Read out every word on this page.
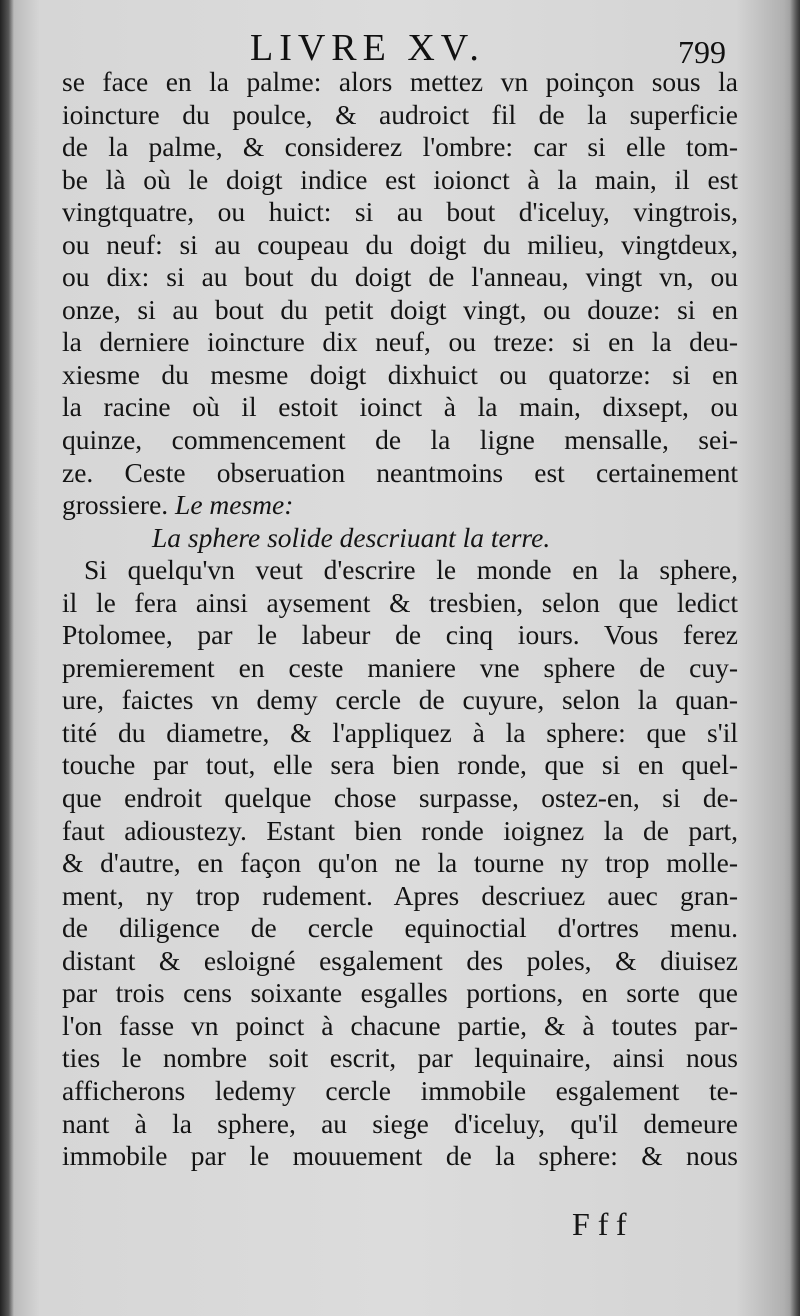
LIVRE XV.	799
se face en la palme: alors mettez vn poinçon sous la
ioincture du poulce, & audroict fil de la superficie
de la palme, & considerez l'ombre: car si elle tom-
be là où le doigt indice est ioionct à la main, il est
vingtquatre, ou huict: si au bout d'iceluy, vingtrois,
ou neuf: si au coupeau du doigt du milieu, vingtdeux,
ou dix: si au bout du doigt de l'anneau, vingt vn, ou
onze, si au bout du petit doigt vingt, ou douze: si en
la derniere ioincture dix neuf, ou treze: si en la deu-
xiesme du mesme doigt dixhuict ou quatorze: si en
la racine où il estoit ioinct à la main, dixsept, ou
quinze, commencement de la ligne mensalle, sei-
ze. Ceste obseruation neantmoins est certainement
grossiere. Le mesme:
La sphere solide descriuant la terre.
Si quelqu'vn veut d'escrire le monde en la sphere,
il le fera ainsi aysement & tresbien, selon que ledict
Ptolomee, par le labeur de cinq iours. Vous ferez
premierement en ceste maniere vne sphere de cuy-
ure, faictes vn demy cercle de cuyure, selon la quan-
tité du diametre, & l'appliquez à la sphere: que s'il
touche par tout, elle sera bien ronde, que si en quel-
que endroit quelque chose surpasse, ostez-en, si de-
faut adioustezy. Estant bien ronde ioignez la de part,
& d'autre, en façon qu'on ne la tourne ny trop molle-
ment, ny trop rudement. Apres descriuez auec gran-
de diligence de cercle equinoctial d'ortres menu.
distant & esloigné esgalement des poles, & diuisez
par trois cens soixante esgalles portions, en sorte que
l'on fasse vn poinct à chacune partie, & à toutes par-
ties le nombre soit escrit, par lequinaire, ainsi nous
afficherons ledemy cercle immobile esgalement te-
nant à la sphere, au siege d'iceluy, qu'il demeure
immobile par le mouuement de la sphere: & nous
Fff
